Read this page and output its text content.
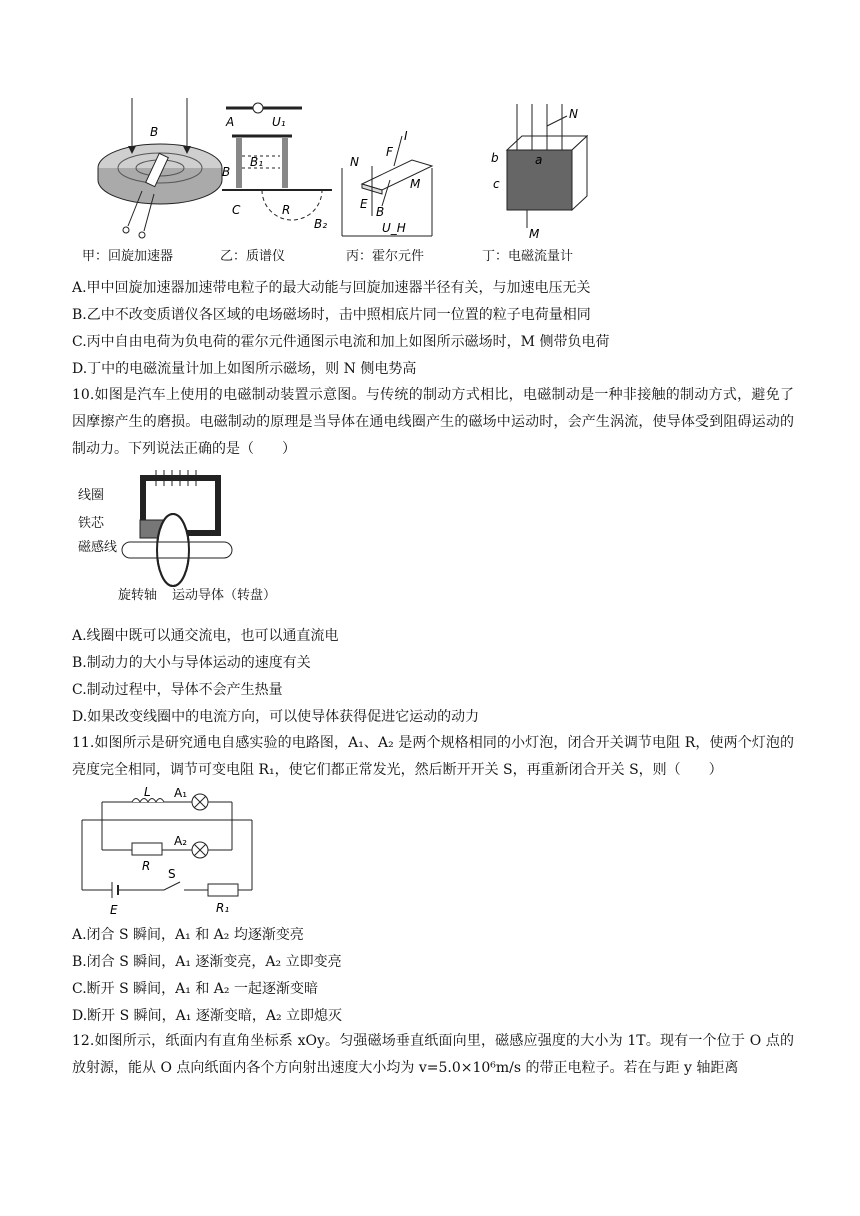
B
甲：回旋加速器
A	U₁
B
B₁
C	R
B₂
乙：质谱仪
I
F
N
M
E
B
U_H
丙：霍尔元件
N
b	a
c
M
丁：电磁流量计
A.甲中回旋加速器加速带电粒子的最大动能与回旋加速器半径有关，与加速电压无关
B.乙中不改变质谱仪各区域的电场磁场时，击中照相底片同一位置的粒子电荷量相同
C.丙中自由电荷为负电荷的霍尔元件通图示电流和加上如图所示磁场时，M 侧带负电荷
D.丁中的电磁流量计加上如图所示磁场，则 N 侧电势高
10.如图是汽车上使用的电磁制动装置示意图。与传统的制动方式相比，电磁制动是一种非接触的制动方式，避免了因摩擦产生的磨损。电磁制动的原理是当导体在通电线圈产生的磁场中运动时，会产生涡流，使导体受到阻碍运动的制动力。下列说法正确的是（　　）
线圈
铁芯
磁感线
旋转轴 运动导体（转盘）
A.线圈中既可以通交流电，也可以通直流电
B.制动力的大小与导体运动的速度有关
C.制动过程中，导体不会产生热量
D.如果改变线圈中的电流方向，可以使导体获得促进它运动的动力
11.如图所示是研究通电自感实验的电路图，A₁、A₂ 是两个规格相同的小灯泡，闭合开关调节电阻 R，使两个灯泡的亮度完全相同，调节可变电阻 R₁，使它们都正常发光，然后断开开关 S，再重新闭合开关 S，则（　　）
L A₁
A₂
R
E
S
R₁
A.闭合 S 瞬间，A₁ 和 A₂ 均逐渐变亮
B.闭合 S 瞬间，A₁ 逐渐变亮，A₂ 立即变亮
C.断开 S 瞬间，A₁ 和 A₂ 一起逐渐变暗
D.断开 S 瞬间，A₁ 逐渐变暗，A₂ 立即熄灭
12.如图所示，纸面内有直角坐标系 xOy。匀强磁场垂直纸面向里，磁感应强度的大小为 1T。现有一个位于 O 点的放射源，能从 O 点向纸面内各个方向射出速度大小均为 v=5.0×10⁶m/s 的带正电粒子。若在与距 y 轴距离
